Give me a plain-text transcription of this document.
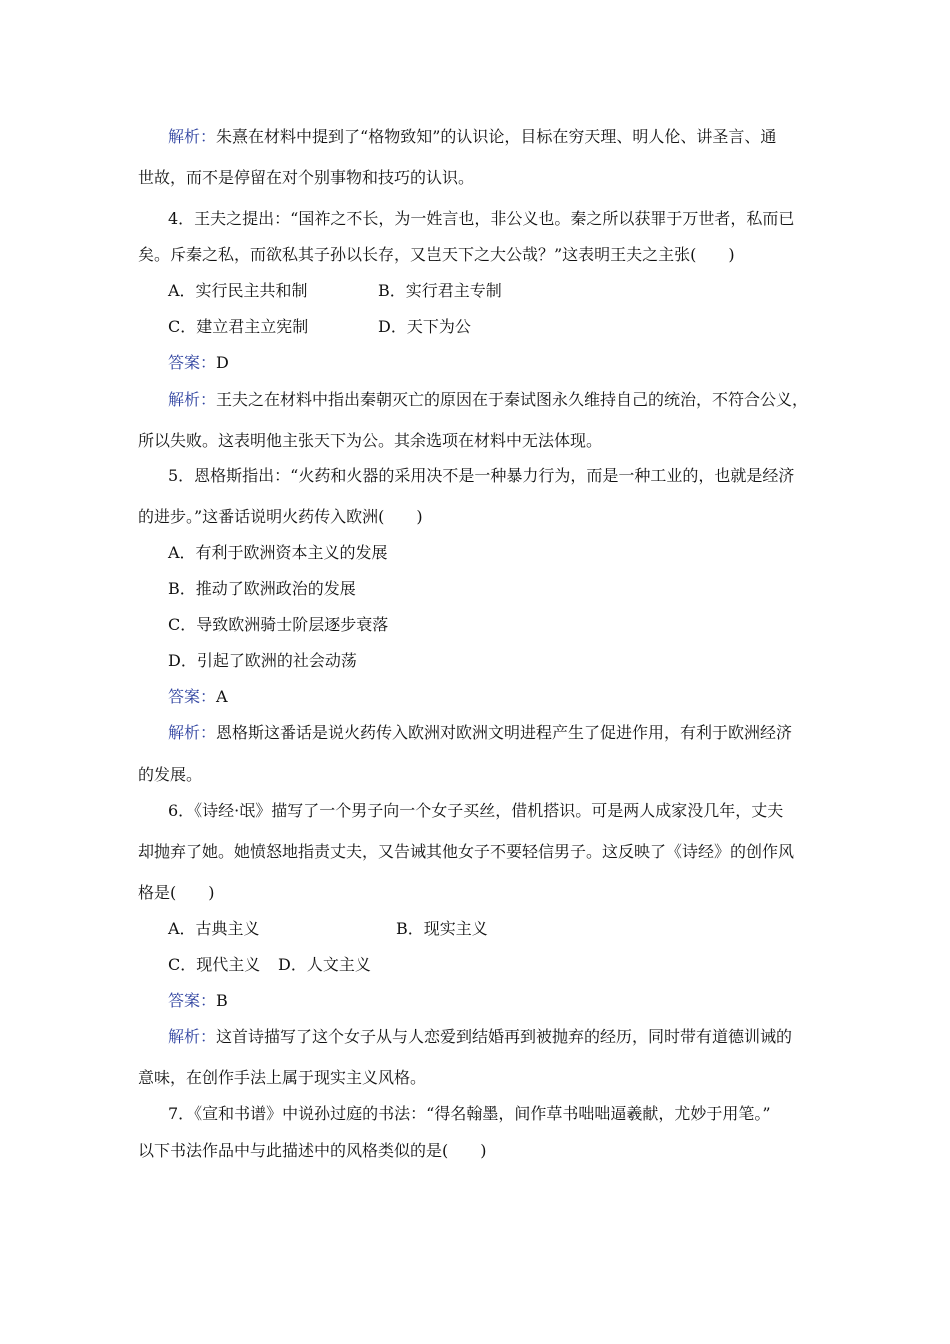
解析：朱熹在材料中提到了“格物致知”的认识论，目标在穷天理、明人伦、讲圣言、通
世故，而不是停留在对个别事物和技巧的认识。
4．王夫之提出：“国祚之不长，为一姓言也，非公义也。秦之所以获罪于万世者，私而已
矣。斥秦之私，而欲私其子孙以长存，又岂天下之大公哉？”这表明王夫之主张(　　)
A．实行民主共和制	B．实行君主专制
C．建立君主立宪制	D．天下为公
答案：D
解析：王夫之在材料中指出秦朝灭亡的原因在于秦试图永久维持自己的统治，不符合公义，
所以失败。这表明他主张天下为公。其余选项在材料中无法体现。
5．恩格斯指出：“火药和火器的采用决不是一种暴力行为，而是一种工业的，也就是经济
的进步。”这番话说明火药传入欧洲(　　)
A．有利于欧洲资本主义的发展
B．推动了欧洲政治的发展
C．导致欧洲骑士阶层逐步衰落
D．引起了欧洲的社会动荡
答案：A
解析：恩格斯这番话是说火药传入欧洲对欧洲文明进程产生了促进作用，有利于欧洲经济
的发展。
6．《诗经·氓》描写了一个男子向一个女子买丝，借机搭识。可是两人成家没几年，丈夫
却抛弃了她。她愤怒地指责丈夫，又告诫其他女子不要轻信男子。这反映了《诗经》的创作风
格是(　　)
A．古典主义	B．现实主义
C．现代主义 D．人文主义
答案：B
解析：这首诗描写了这个女子从与人恋爱到结婚再到被抛弃的经历，同时带有道德训诫的
意味，在创作手法上属于现实主义风格。
7．《宣和书谱》中说孙过庭的书法：“得名翰墨，间作草书咄咄逼羲献，尤妙于用笔。”
以下书法作品中与此描述中的风格类似的是(　　)
